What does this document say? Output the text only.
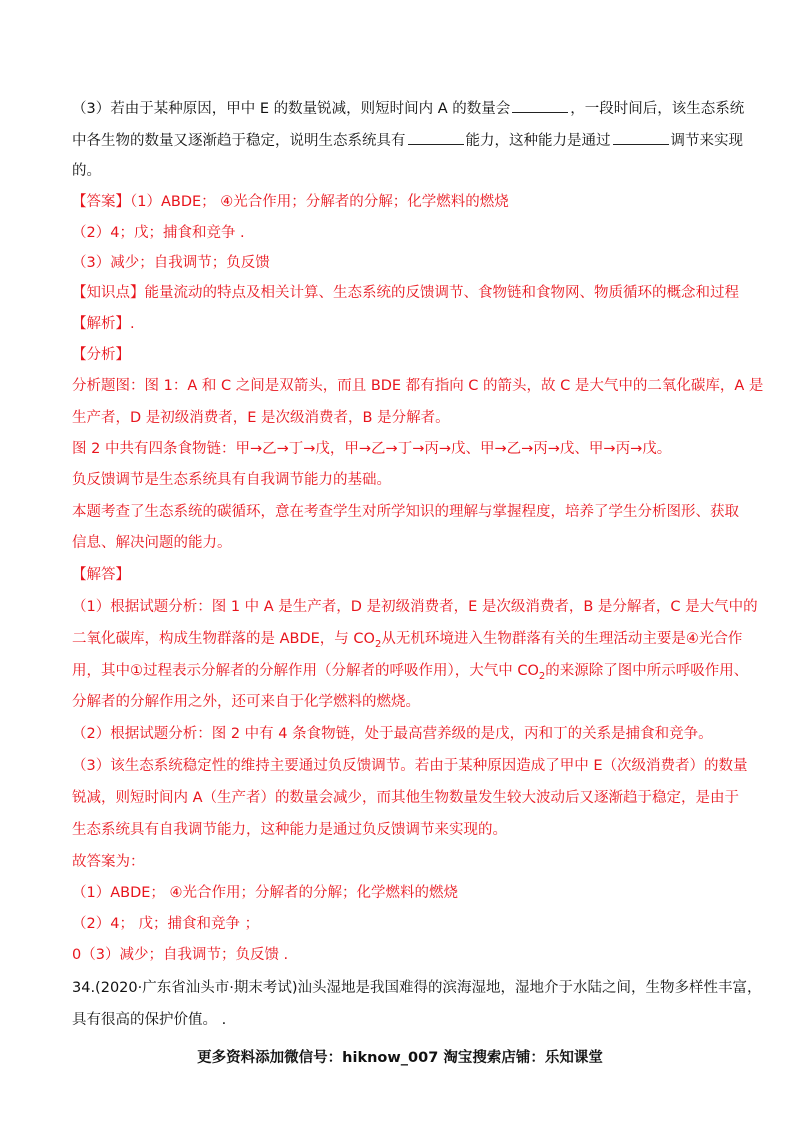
（3）若由于某种原因，甲中 E 的数量锐减，则短时间内 A 的数量会	，一段时间后，该生态系统
中各生物的数量又逐渐趋于稳定，说明生态系统具有	能力，这种能力是通过	调节来实现
的。
【答案】（1）ABDE； ④光合作用；分解者的分解；化学燃料的燃烧
（2）4；戊；捕食和竞争 .
（3）减少；自我调节；负反馈
【知识点】能量流动的特点及相关计算、生态系统的反馈调节、食物链和食物网、物质循环的概念和过程
【解析】.
【分析】
分析题图：图 1：A 和 C 之间是双箭头，而且 BDE 都有指向 C 的箭头，故 C 是大气中的二氧化碳库，A 是
生产者，D 是初级消费者，E 是次级消费者，B 是分解者。
图 2 中共有四条食物链：甲→乙→丁→戊，甲→乙→丁→丙→戊、甲→乙→丙→戊、甲→丙→戊。
负反馈调节是生态系统具有自我调节能力的基础。
本题考查了生态系统的碳循环，意在考查学生对所学知识的理解与掌握程度，培养了学生分析图形、获取
信息、解决问题的能力。
【解答】
（1）根据试题分析：图 1 中 A 是生产者，D 是初级消费者，E 是次级消费者，B 是分解者，C 是大气中的
二氧化碳库，构成生物群落的是 ABDE，与 $CO_2$从无机环境进入生物群落有关的生理活动主要是④光合作
用，其中①过程表示分解者的分解作用（分解者的呼吸作用），大气中 $CO_2$的来源除了图中所示呼吸作用、
分解者的分解作用之外，还可来自于化学燃料的燃烧。
（2）根据试题分析：图 2 中有 4 条食物链，处于最高营养级的是戊，丙和丁的关系是捕食和竞争。
（3）该生态系统稳定性的维持主要通过负反馈调节。若由于某种原因造成了甲中 E（次级消费者）的数量
锐减，则短时间内 A（生产者）的数量会减少，而其他生物数量发生较大波动后又逐渐趋于稳定，是由于
生态系统具有自我调节能力，这种能力是通过负反馈调节来实现的。
故答案为：
（1）ABDE； ④光合作用；分解者的分解；化学燃料的燃烧
（2）4； 戊；捕食和竞争 ；
0（3）减少；自我调节；负反馈 .
34.(2020·广东省汕头市·期末考试)汕头湿地是我国难得的滨海湿地，湿地介于水陆之间，生物多样性丰富，
具有很高的保护价值。 .
更多资料添加微信号：hiknow_007 淘宝搜索店铺：乐知课堂
